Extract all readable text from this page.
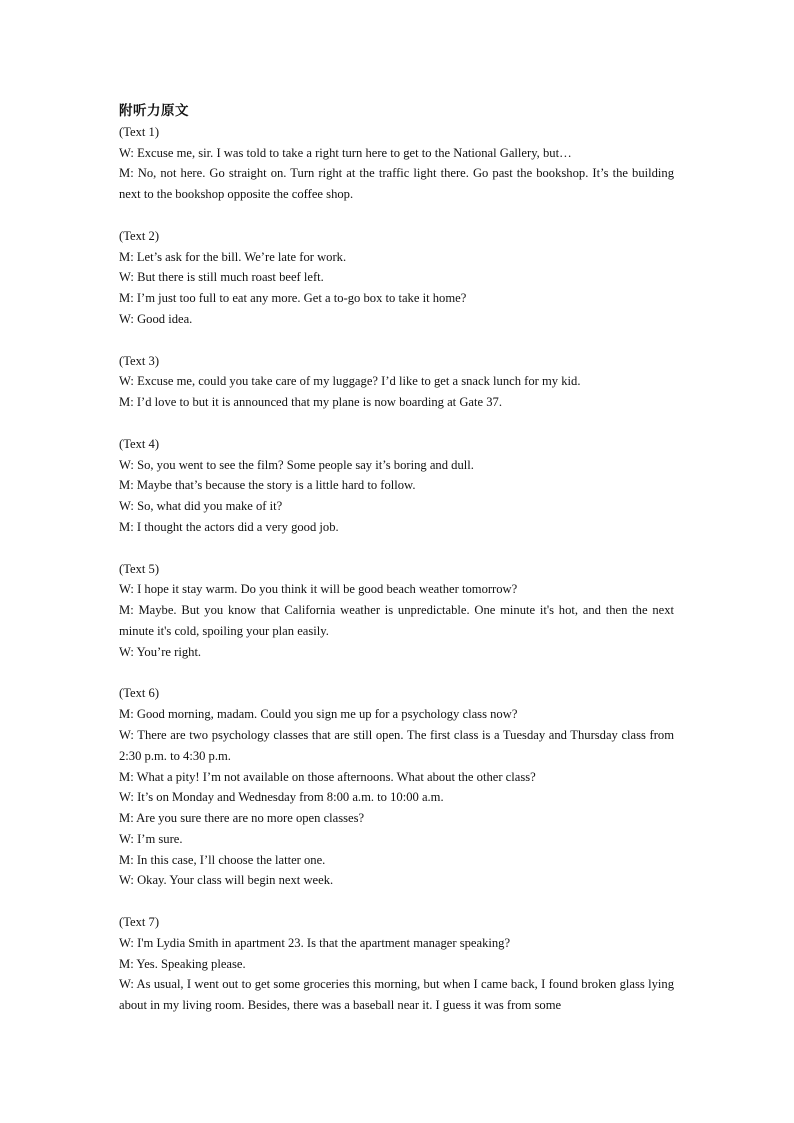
附听力原文

(Text 1)

W: Excuse me, sir. I was told to take a right turn here to get to the National Gallery, but…

M: No, not here. Go straight on. Turn right at the traffic light there. Go past the bookshop. It’s the building next to the bookshop opposite the coffee shop.

(Text 2)

M: Let’s ask for the bill. We’re late for work.

W: But there is still much roast beef left.

M: I’m just too full to eat any more. Get a to-go box to take it home?

W: Good idea.

(Text 3)

W: Excuse me, could you take care of my luggage? I’d like to get a snack lunch for my kid.

M: I’d love to but it is announced that my plane is now boarding at Gate 37.

(Text 4)

W: So, you went to see the film? Some people say it’s boring and dull.

M: Maybe that’s because the story is a little hard to follow.

W: So, what did you make of it?

M: I thought the actors did a very good job.

(Text 5)

W: I hope it stay warm. Do you think it will be good beach weather tomorrow?

M: Maybe. But you know that California weather is unpredictable. One minute it's hot, and then the next minute it's cold, spoiling your plan easily.

W: You’re right.

(Text 6)

M: Good morning, madam. Could you sign me up for a psychology class now?

W: There are two psychology classes that are still open. The first class is a Tuesday and Thursday class from 2:30 p.m. to 4:30 p.m.

M: What a pity! I’m not available on those afternoons. What about the other class?

W: It’s on Monday and Wednesday from 8:00 a.m. to 10:00 a.m.

M: Are you sure there are no more open classes?

W: I’m sure.

M: In this case, I’ll choose the latter one.

W: Okay. Your class will begin next week.

(Text 7)

W: I'm Lydia Smith in apartment 23. Is that the apartment manager speaking?

M: Yes. Speaking please.

W: As usual, I went out to get some groceries this morning, but when I came back, I found broken glass lying about in my living room. Besides, there was a baseball near it. I guess it was from some
